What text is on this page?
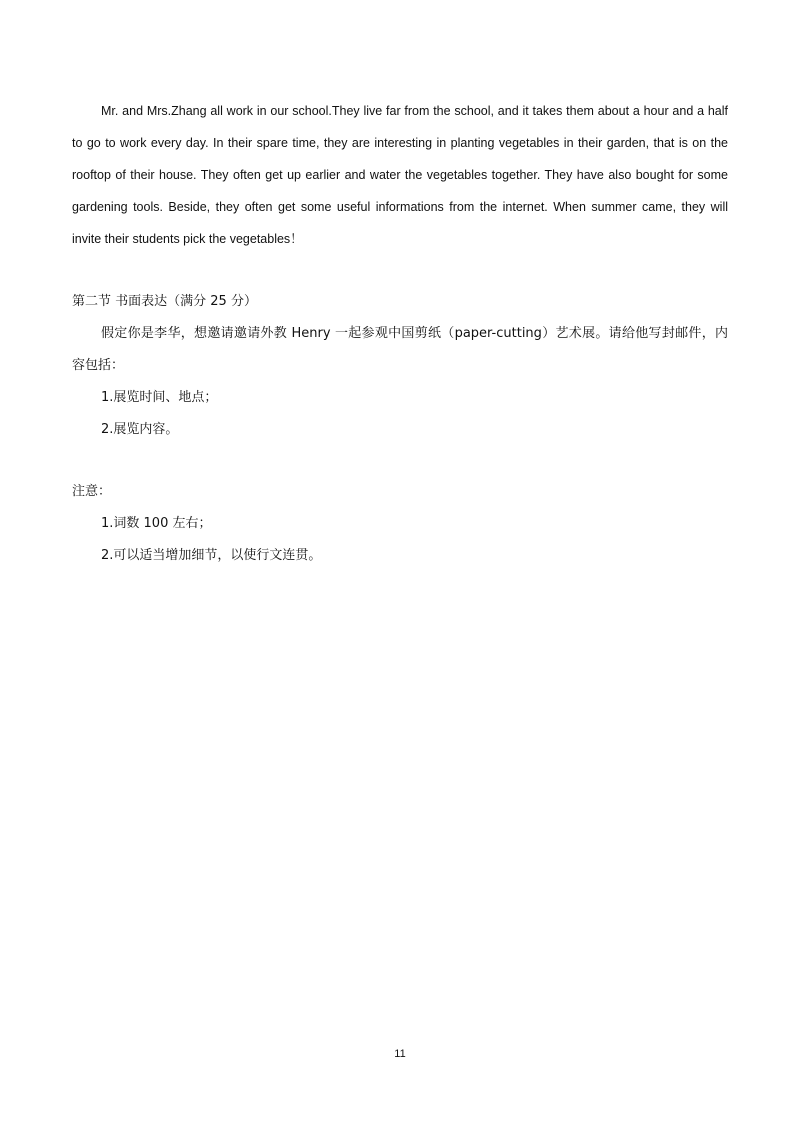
Mr. and Mrs.Zhang all work in our school.They live far from the school, and it takes them about a hour and a half to go to work every day. In their spare time, they are interesting in planting vegetables in their garden, that is on the rooftop of their house. They often get up earlier and water the vegetables together. They have also bought for some gardening tools. Beside, they often get some useful informations from the internet. When summer came, they will invite their students pick the vegetables！

第二节 书面表达（满分 25 分）

假定你是李华，想邀请邀请外教 Henry 一起参观中国剪纸（paper-cutting）艺术展。请给他写封邮件，内容包括：

1.展览时间、地点；
2.展览内容。
注意：
1.词数 100 左右；
2.可以适当增加细节，以使行文连贯。
11
